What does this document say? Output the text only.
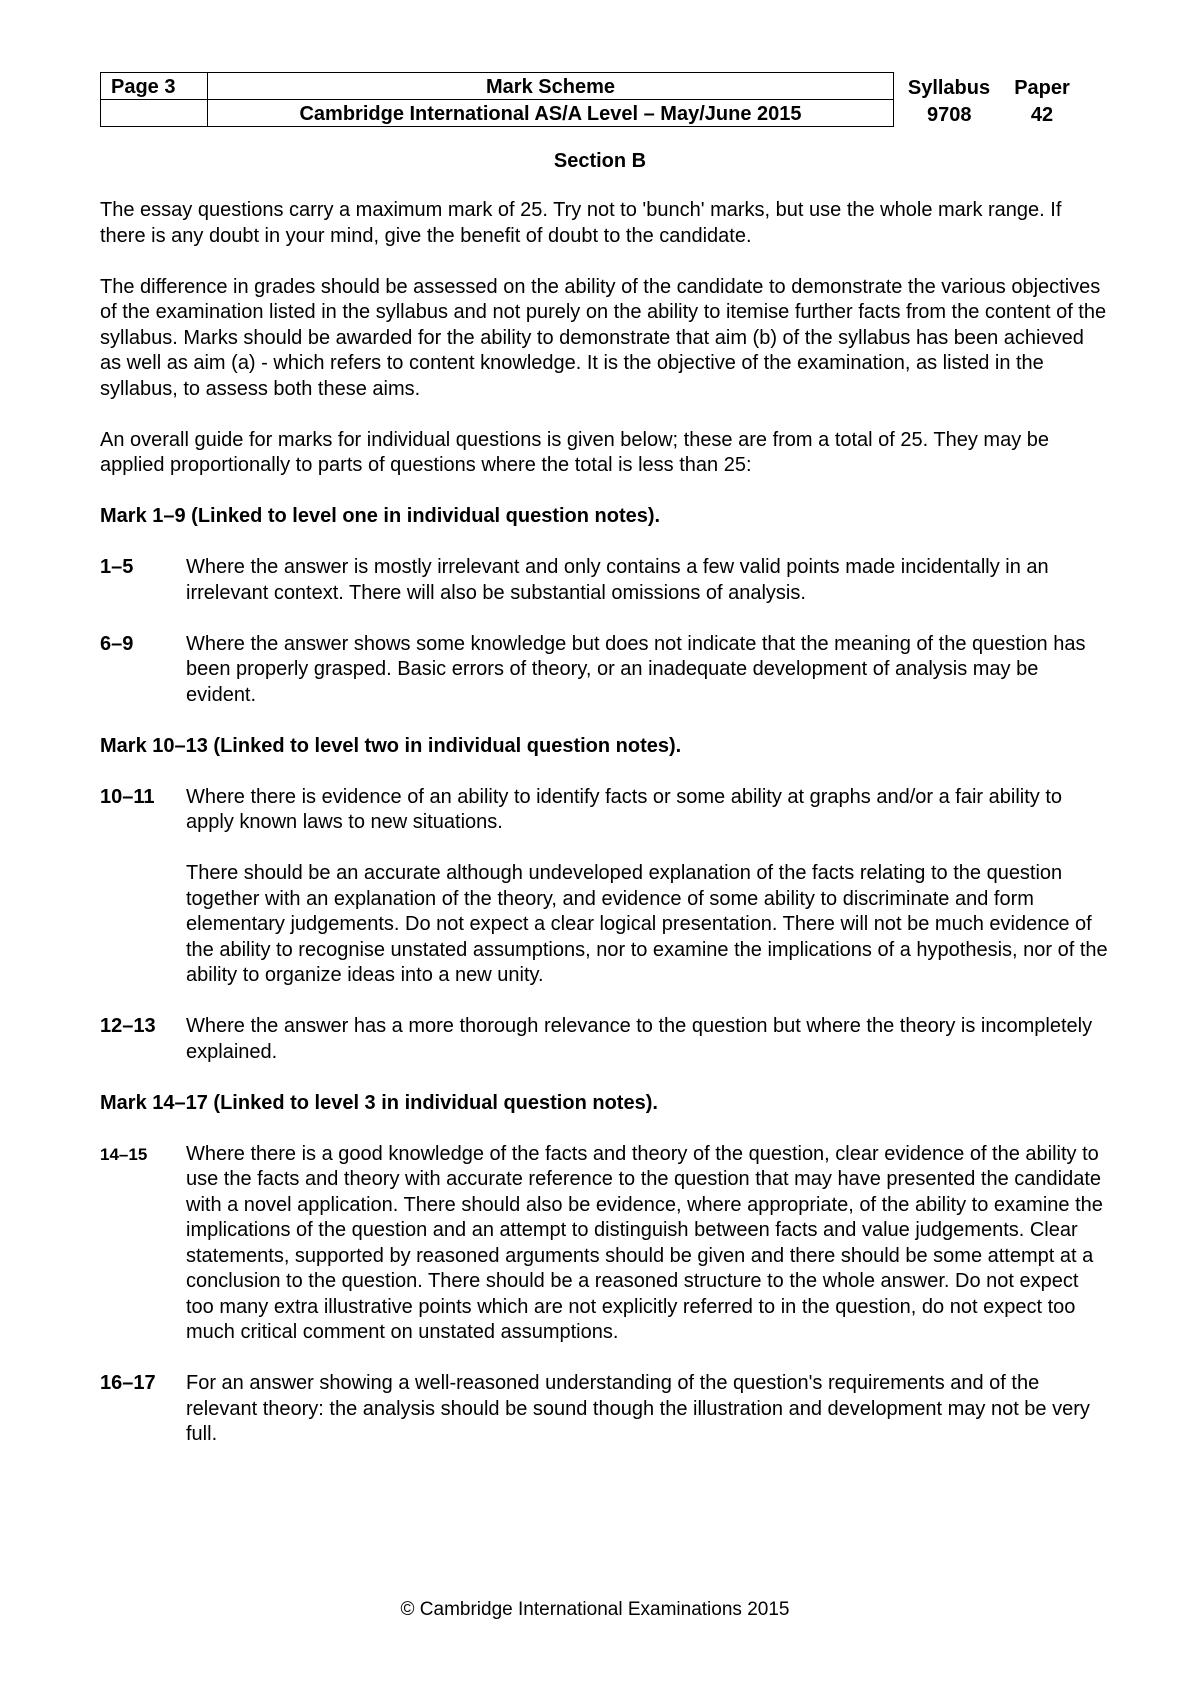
Page 3	Mark Scheme	Syllabus	Paper
	Cambridge International AS/A Level – May/June 2015	9708	42
Section B

The essay questions carry a maximum mark of 25. Try not to 'bunch' marks, but use the whole mark range. If there is any doubt in your mind, give the benefit of doubt to the candidate.

The difference in grades should be assessed on the ability of the candidate to demonstrate the various objectives of the examination listed in the syllabus and not purely on the ability to itemise further facts from the content of the syllabus. Marks should be awarded for the ability to demonstrate that aim (b) of the syllabus has been achieved as well as aim (a) - which refers to content knowledge. It is the objective of the examination, as listed in the syllabus, to assess both these aims.

An overall guide for marks for individual questions is given below; these are from a total of 25. They may be applied proportionally to parts of questions where the total is less than 25:

Mark 1–9 (Linked to level one in individual question notes).

1–5	Where the answer is mostly irrelevant and only contains a few valid points made incidentally in an irrelevant context. There will also be substantial omissions of analysis.

6–9	Where the answer shows some knowledge but does not indicate that the meaning of the question has been properly grasped. Basic errors of theory, or an inadequate development of analysis may be evident.

Mark 10–13 (Linked to level two in individual question notes).

10–11	Where there is evidence of an ability to identify facts or some ability at graphs and/or a fair ability to apply known laws to new situations.

There should be an accurate although undeveloped explanation of the facts relating to the question together with an explanation of the theory, and evidence of some ability to discriminate and form elementary judgements. Do not expect a clear logical presentation. There will not be much evidence of the ability to recognise unstated assumptions, nor to examine the implications of a hypothesis, nor of the ability to organize ideas into a new unity.

12–13	Where the answer has a more thorough relevance to the question but where the theory is incompletely explained.

Mark 14–17 (Linked to level 3 in individual question notes).

14–15	Where there is a good knowledge of the facts and theory of the question, clear evidence of the ability to use the facts and theory with accurate reference to the question that may have presented the candidate with a novel application. There should also be evidence, where appropriate, of the ability to examine the implications of the question and an attempt to distinguish between facts and value judgements. Clear statements, supported by reasoned arguments should be given and there should be some attempt at a conclusion to the question. There should be a reasoned structure to the whole answer. Do not expect too many extra illustrative points which are not explicitly referred to in the question, do not expect too much critical comment on unstated assumptions.

16–17	For an answer showing a well-reasoned understanding of the question's requirements and of the relevant theory: the analysis should be sound though the illustration and development may not be very full.

© Cambridge International Examinations 2015
